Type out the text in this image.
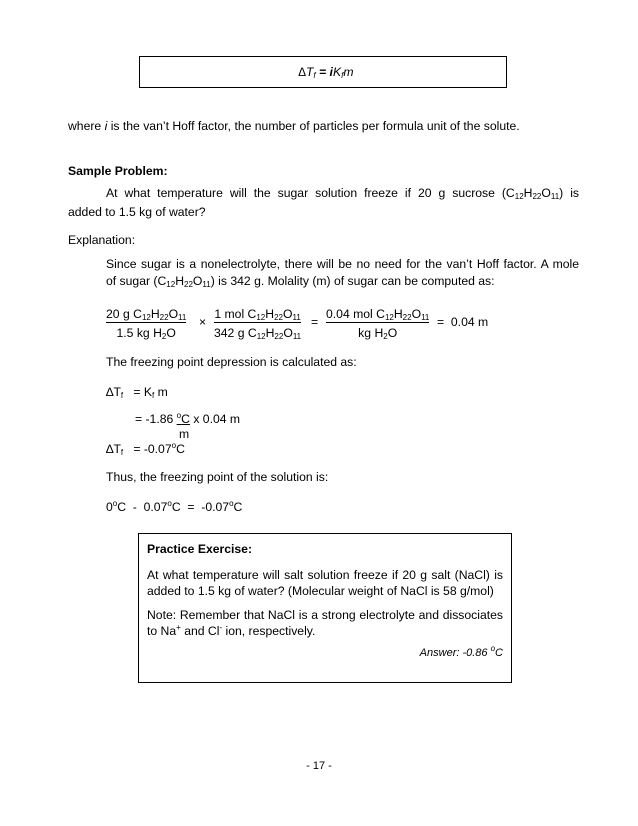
$\Delta T_f = iK_fm$
where i is the van’t Hoff factor, the number of particles per formula unit of the solute.
Sample Problem:
At what temperature will the sugar solution freeze if 20 g sucrose $(C_{12}H_{22}O_{11})$ is
added to 1.5 kg of water?
Explanation:
Since sugar is a nonelectrolyte, there will be no need for the van’t Hoff factor. A mole
of sugar $(C_{12}H_{22}O_{11})$ is 342 g. Molality (m) of sugar can be computed as:
$\frac{20 g C_{12}H_{22}O_{11}}{1.5 kg H_2O}$ ×
1 mol $C_{12}H_{22}O_{11}$
342 g $C_{12}H_{22}O_{11}$
=
0.04 mol $C_{12}H_{22}O_{11}$
kg $H_2O$
= 0.04 m
The freezing point depression is calculated as:
$\Delta T_f = K_f$ m
= -1.86 $^o$C x 0.04 m
m
$\Delta T_f = -0.07^oC$
Thus, the freezing point of the solution is:
0$^o$C  -  0.07$^o$C  =  -0.07$^o$C

Practice Exercise:

At what temperature will salt solution freeze if 20 g salt (NaCl) is added to 1.5 kg of water? (Molecular weight of NaCl is 58 g/mol)

Note: Remember that NaCl is a strong electrolyte and dissociates to Na+ and Cl- ion, respectively.

Answer: -0.86 $^o$C

- 17 -
